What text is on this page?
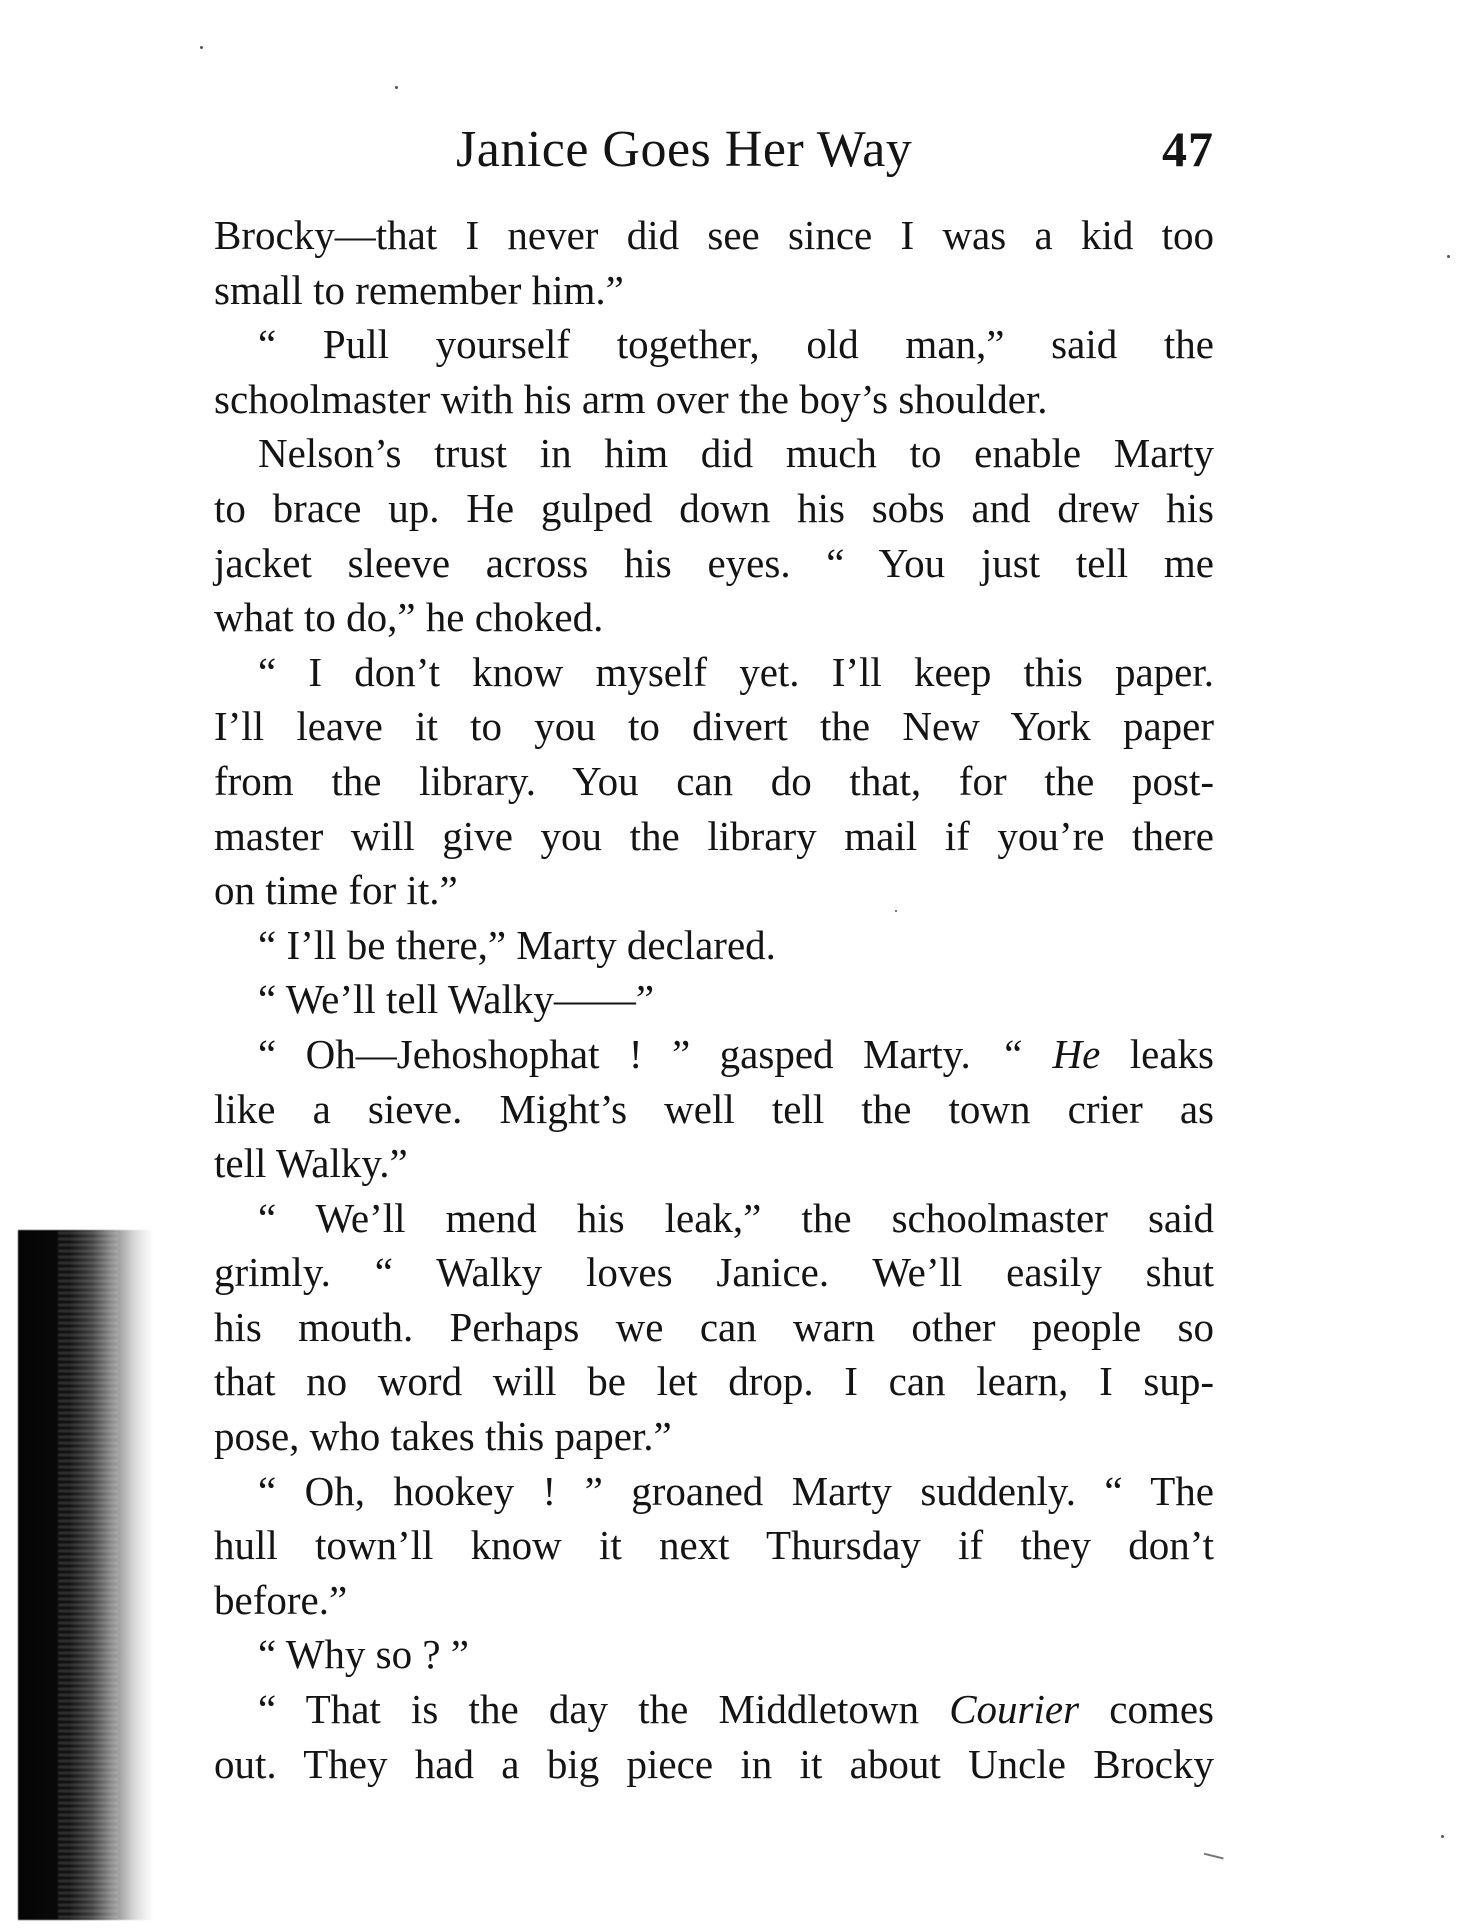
Janice Goes Her Way	47
Brocky—that I never did see since I was a kid too
small to remember him.”
“ Pull yourself together, old man,” said the
schoolmaster with his arm over the boy’s shoulder.
Nelson’s trust in him did much to enable Marty
to brace up. He gulped down his sobs and drew his
jacket sleeve across his eyes. “ You just tell me
what to do,” he choked.
“ I don’t know myself yet. I’ll keep this paper.
I’ll leave it to you to divert the New York paper
from the library. You can do that, for the post-
master will give you the library mail if you’re there
on time for it.”
“ I’ll be there,” Marty declared.
“ We’ll tell Walky——”
“ Oh—Jehoshophat ! ” gasped Marty. “ He leaks
like a sieve. Might’s well tell the town crier as
tell Walky.”
“ We’ll mend his leak,” the schoolmaster said
grimly. “ Walky loves Janice. We’ll easily shut
his mouth. Perhaps we can warn other people so
that no word will be let drop. I can learn, I sup-
pose, who takes this paper.”
“ Oh, hookey ! ” groaned Marty suddenly. “ The
hull town’ll know it next Thursday if they don’t
before.”
“ Why so ? ”
“ That is the day the Middletown Courier comes
out. They had a big piece in it about Uncle Brocky
